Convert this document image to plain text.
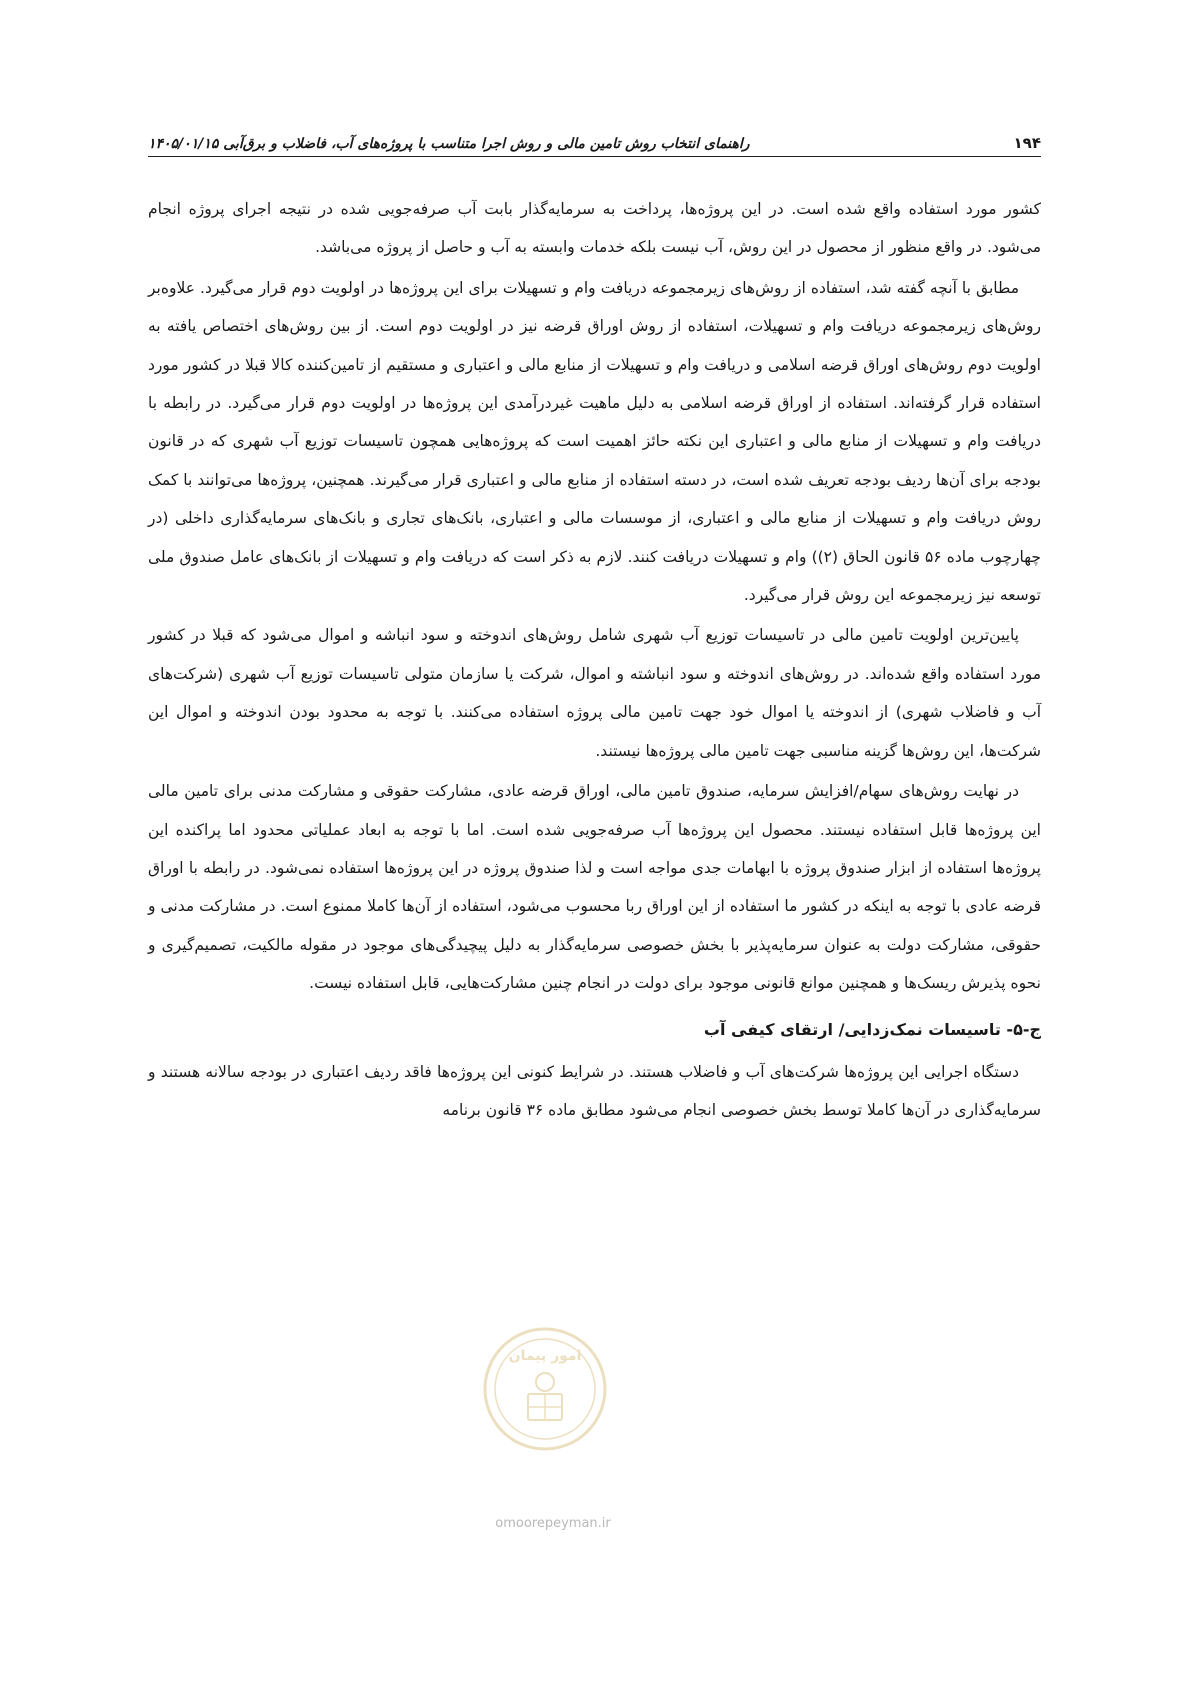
۱۹۴
راهنمای انتخاب روش تامین مالی و روش اجرا متناسب با پروژه‌های آب، فاضلاب و برق‌آبی ۱۴۰۵/۰۱/۱۵

کشور مورد استفاده واقع شده است. در این پروژه‌ها، پرداخت به سرمایه‌گذار بابت آب صرفه‌جویی شده در نتیجه اجرای پروژه انجام می‌شود. در واقع منظور از محصول در این روش، آب نیست بلکه خدمات وابسته به آب و حاصل از پروژه می‌باشد.

مطابق با آنچه گفته شد، استفاده از روش‌های زیرمجموعه دریافت وام و تسهیلات برای این پروژه‌ها در اولویت دوم قرار می‌گیرد. علاوه‌بر روش‌های زیرمجموعه دریافت وام و تسهیلات، استفاده از روش اوراق قرضه نیز در اولویت دوم است. از بین روش‌های اختصاص یافته به اولویت دوم روش‌های اوراق قرضه اسلامی و دریافت وام و تسهیلات از منابع مالی و اعتباری و مستقیم از تامین‌کننده کالا قبلا در کشور مورد استفاده قرار گرفته‌اند. استفاده از اوراق قرضه اسلامی به دلیل ماهیت غیردرآمدی این پروژه‌ها در اولویت دوم قرار می‌گیرد. در رابطه با دریافت وام و تسهیلات از منابع مالی و اعتباری این نکته حائز اهمیت است که پروژه‌هایی همچون تاسیسات توزیع آب شهری که در قانون بودجه برای آن‌ها ردیف بودجه تعریف شده است، در دسته استفاده از منابع مالی و اعتباری قرار می‌گیرند. همچنین، پروژه‌ها می‌توانند با کمک روش دریافت وام و تسهیلات از منابع مالی و اعتباری، از موسسات مالی و اعتباری، بانک‌های تجاری و بانک‌های سرمایه‌گذاری داخلی (در چهارچوب ماده ۵۶ قانون الحاق (۲)) وام و تسهیلات دریافت کنند. لازم به ذکر است که دریافت وام و تسهیلات از بانک‌های عامل صندوق ملی توسعه نیز زیرمجموعه این روش قرار می‌گیرد.

پایین‌ترین اولویت تامین مالی در تاسیسات توزیع آب شهری شامل روش‌های اندوخته و سود انباشه و اموال می‌شود که قبلا در کشور مورد استفاده واقع شده‌اند. در روش‌های اندوخته و سود انباشته و اموال، شرکت یا سازمان متولی تاسیسات توزیع آب شهری (شرکت‌های آب و فاضلاب شهری) از اندوخته یا اموال خود جهت تامین مالی پروژه استفاده می‌کنند. با توجه به محدود بودن اندوخته و اموال این شرکت‌ها، این روش‌ها گزینه مناسبی جهت تامین مالی پروژه‌ها نیستند.

در نهایت روش‌های سهام/افزایش سرمایه، صندوق تامین مالی، اوراق قرضه عادی، مشارکت حقوقی و مشارکت مدنی برای تامین مالی این پروژه‌ها قابل استفاده نیستند. محصول این پروژه‌ها آب صرفه‌جویی شده است. اما با توجه به ابعاد عملیاتی محدود اما پراکنده این پروژه‌ها استفاده از ابزار صندوق پروژه با ابهامات جدی مواجه است و لذا صندوق پروژه در این پروژه‌ها استفاده نمی‌شود. در رابطه با اوراق قرضه عادی با توجه به اینکه در کشور ما استفاده از این اوراق ربا محسوب می‌شود، استفاده از آن‌ها کاملا ممنوع است. در مشارکت مدنی و حقوقی، مشارکت دولت به عنوان سرمایه‌پذیر با بخش خصوصی سرمایه‌گذار به دلیل پیچیدگی‌های موجود در مقوله مالکیت، تصمیم‌گیری و نحوه پذیرش ریسک‌ها و همچنین موانع قانونی موجود برای دولت در انجام چنین مشارکت‌هایی، قابل استفاده نیست.

ج-۵- تاسیسات نمک‌زدایی/ ارتقای کیفی آب

دستگاه اجرایی این پروژه‌ها شرکت‌های آب و فاضلاب هستند. در شرایط کنونی این پروژه‌ها فاقد ردیف اعتباری در بودجه سالانه هستند و سرمایه‌گذاری در آن‌ها کاملا توسط بخش خصوصی انجام می‌شود مطابق ماده ۳۶ قانون برنامه

امور پیمان
omoorepeyman.ir
